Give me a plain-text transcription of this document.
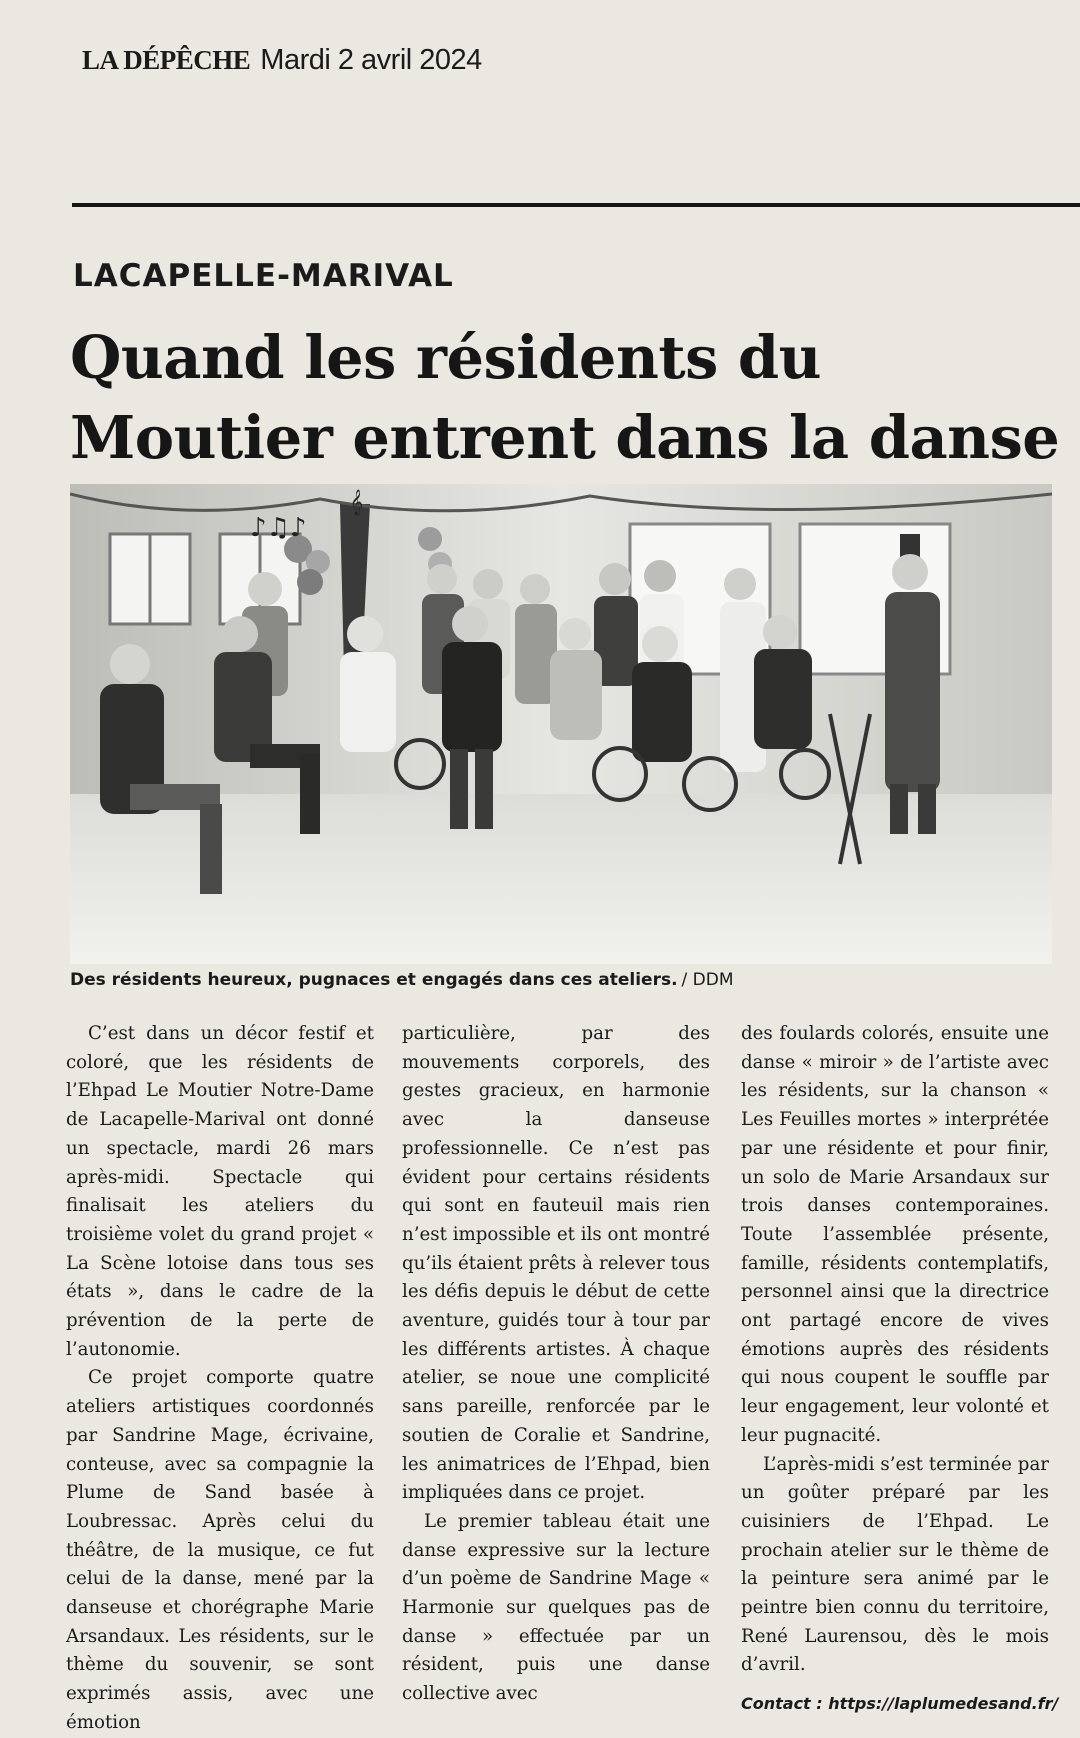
LA DÉPÊCHE Mardi 2 avril 2024
LACAPELLE-MARIVAL
Quand les résidents du
Moutier entrent dans la danse
♪♫♪
𝄞
Des résidents heureux, pugnaces et engagés dans ces ateliers. / DDM

C’est dans un décor festif et coloré, que les résidents de l’Ehpad Le Moutier Notre-Dame de Lacapelle-Marival ont donné un spectacle, mardi 26 mars après-midi. Spectacle qui finalisait les ateliers du troisième volet du grand projet « La Scène lotoise dans tous ses états », dans le cadre de la prévention de la perte de l’autonomie.

Ce projet comporte quatre ateliers artistiques coordonnés par Sandrine Mage, écrivaine, conteuse, avec sa compagnie la Plume de Sand basée à Loubressac. Après celui du théâtre, de la musique, ce fut celui de la danse, mené par la danseuse et chorégraphe Marie Arsandaux. Les résidents, sur le thème du souvenir, se sont exprimés assis, avec une émotion

particulière, par des mouvements corporels, des gestes gracieux, en harmonie avec la danseuse professionnelle. Ce n’est pas évident pour certains résidents qui sont en fauteuil mais rien n’est impossible et ils ont montré qu’ils étaient prêts à relever tous les défis depuis le début de cette aventure, guidés tour à tour par les différents artistes. À chaque atelier, se noue une complicité sans pareille, renforcée par le soutien de Coralie et Sandrine, les animatrices de l’Ehpad, bien impliquées dans ce projet.

Le premier tableau était une danse expressive sur la lecture d’un poème de Sandrine Mage « Harmonie sur quelques pas de danse » effectuée par un résident, puis une danse collective avec

des foulards colorés, ensuite une danse « miroir » de l’artiste avec les résidents, sur la chanson « Les Feuilles mortes » interprétée par une résidente et pour finir, un solo de Marie Arsandaux sur trois danses contemporaines. Toute l’assemblée présente, famille, résidents contemplatifs, personnel ainsi que la directrice ont partagé encore de vives émotions auprès des résidents qui nous coupent le souffle par leur engagement, leur volonté et leur pugnacité.

L’après-midi s’est terminée par un goûter préparé par les cuisiniers de l’Ehpad. Le prochain atelier sur le thème de la peinture sera animé par le peintre bien connu du territoire, René Laurensou, dès le mois d’avril.

Contact : https://laplumedesand.fr/
